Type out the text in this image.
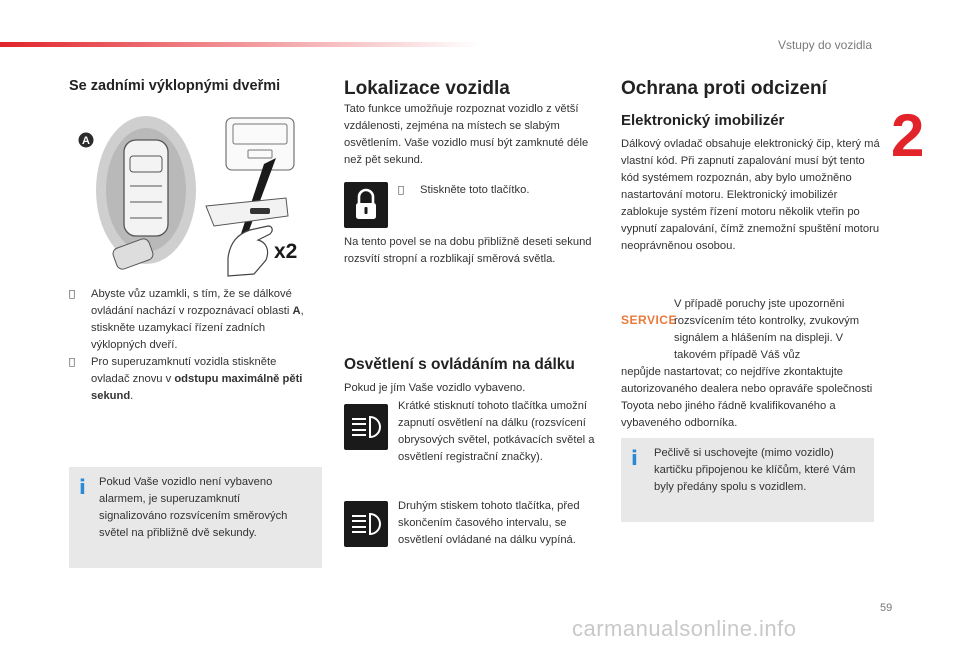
Vstupy do vozidla
2
Se zadními výklopnými dveřmi
A
x2
Abyste vůz uzamkli, s tím, že se dálkové ovládání nachází v rozpoznávací oblasti A, stiskněte uzamykací řízení zadních výklopných dveří.
Pro superuzamknutí vozidla stiskněte ovladač znovu v odstupu maximálně pěti sekund.
i Pokud Vaše vozidlo není vybaveno alarmem, je superuzamknutí signalizováno rozsvícením směrových světel na přibližně dvě sekundy.
Lokalizace vozidla
Tato funkce umožňuje rozpoznat vozidlo z větší vzdálenosti, zejména na místech se slabým osvětlením. Vaše vozidlo musí být zamknuté déle než pět sekund.
Stiskněte toto tlačítko.
Na tento povel se na dobu přibližně deseti sekund rozsvítí stropní a rozblikají směrová světla.
Osvětlení s ovládáním na dálku
Pokud je jím Vaše vozidlo vybaveno.
Krátké stisknutí tohoto tlačítka umožní zapnutí osvětlení na dálku (rozsvícení obrysových světel, potkávacích světel a osvětlení registrační značky).
Druhým stiskem tohoto tlačítka, před skončením časového intervalu, se osvětlení ovládané na dálku vypíná.
Ochrana proti odcizení
Elektronický imobilizér
Dálkový ovladač obsahuje elektronický čip, který má vlastní kód. Při zapnutí zapalování musí být tento kód systémem rozpoznán, aby bylo umožněno nastartování motoru. Elektronický imobilizér zablokuje systém řízení motoru několik vteřin po vypnutí zapalování, čímž znemožní spuštění motoru neoprávněnou osobou.
SERVICE
V případě poruchy jste upozorněni rozsvícením této kontrolky, zvukovým signálem a hlášením na displeji. V takovém případě Váš vůz
nepůjde nastartovat; co nejdříve zkontaktujte autorizovaného dealera nebo opraváře společnosti Toyota nebo jiného řádně kvalifikovaného a vybaveného odborníka.
i Pečlivě si uschovejte (mimo vozidlo) kartičku připojenou ke klíčům, které Vám byly předány spolu s vozidlem.
59
carmanualsonline.info
